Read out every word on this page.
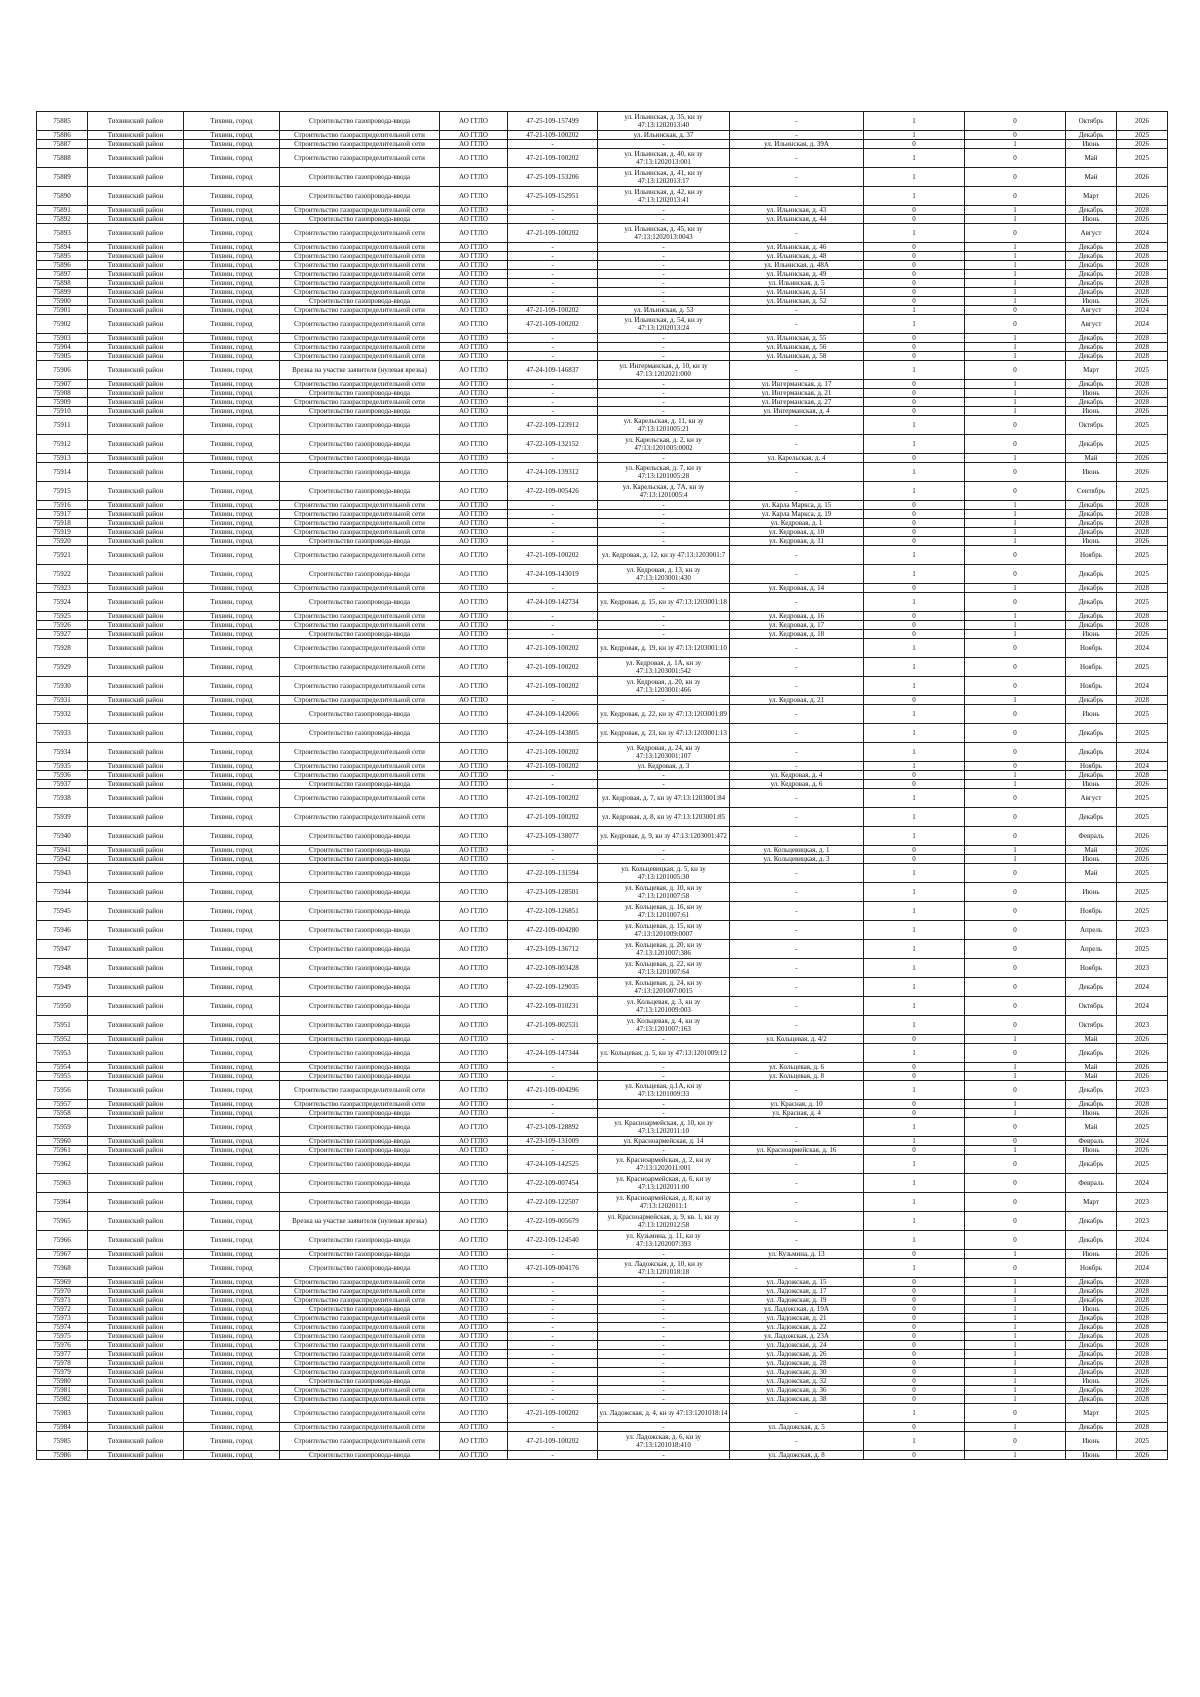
75885	Тихвинский район	Тихвин, город	Строительство газопровода-ввода	АО ГГЛО	47-25-109-157499	ул. Ильинская, д. 35, кн зу 47:13:1202013:40	-	1	0	Октябрь	2026
75886	Тихвинский район	Тихвин, город	Строительство газораспределительной сети	АО ГГЛО	47-21-109-100202	ул. Ильинская, д. 37	-	1	0	Декабрь	2025
75887	Тихвинский район	Тихвин, город	Строительство газораспределительной сети	АО ГГЛО	-	-	ул. Ильинская, д. 39А	0	1	Июнь	2026
75888	Тихвинский район	Тихвин, город	Строительство газораспределительной сети	АО ГГЛО	47-21-109-100202	ул. Ильинская, д. 40, кн зу 47:13:1202013:001	-	1	0	Май	2025
75889	Тихвинский район	Тихвин, город	Строительство газопровода-ввода	АО ГГЛО	47-25-109-153206	ул. Ильинская, д. 41, кн зу 47:13:1202013:17	-	1	0	Май	2026
75890	Тихвинский район	Тихвин, город	Строительство газопровода-ввода	АО ГГЛО	47-25-109-152951	ул. Ильинская, д. 42, кн зу 47:13:1202013:41	-	1	0	Март	2026
75891	Тихвинский район	Тихвин, город	Строительство газораспределительной сети	АО ГГЛО	-	-	ул. Ильинская, д. 43	0	1	Декабрь	2028
75892	Тихвинский район	Тихвин, город	Строительство газопровода-ввода	АО ГГЛО	-	-	ул. Ильинская, д. 44	0	1	Июнь	2026
75893	Тихвинский район	Тихвин, город	Строительство газораспределительной сети	АО ГГЛО	47-21-109-100202	ул. Ильинская, д. 45, кн зу 47:13:1202013:0043	-	1	0	Август	2024
75894	Тихвинский район	Тихвин, город	Строительство газораспределительной сети	АО ГГЛО	-	-	ул. Ильинская, д. 46	0	1	Декабрь	2028
75895	Тихвинский район	Тихвин, город	Строительство газораспределительной сети	АО ГГЛО	-	-	ул. Ильинская, д. 48	0	1	Декабрь	2028
75896	Тихвинский район	Тихвин, город	Строительство газораспределительной сети	АО ГГЛО	-	-	ул. Ильинская, д. 48А	0	1	Декабрь	2028
75897	Тихвинский район	Тихвин, город	Строительство газораспределительной сети	АО ГГЛО	-	-	ул. Ильинская, д. 49	0	1	Декабрь	2028
75898	Тихвинский район	Тихвин, город	Строительство газораспределительной сети	АО ГГЛО	-	-	ул. Ильинская, д. 5	0	1	Декабрь	2028
75899	Тихвинский район	Тихвин, город	Строительство газораспределительной сети	АО ГГЛО	-	-	ул. Ильинская, д. 51	0	1	Декабрь	2028
75900	Тихвинский район	Тихвин, город	Строительство газопровода-ввода	АО ГГЛО	-	-	ул. Ильинская, д. 52	0	1	Июнь	2026
75901	Тихвинский район	Тихвин, город	Строительство газораспределительной сети	АО ГГЛО	47-21-109-100202	ул. Ильинская, д. 53	-	1	0	Август	2024
75902	Тихвинский район	Тихвин, город	Строительство газораспределительной сети	АО ГГЛО	47-21-109-100202	ул. Ильинская, д. 54, кн зу 47:13:1202013:24	-	1	0	Август	2024
75903	Тихвинский район	Тихвин, город	Строительство газораспределительной сети	АО ГГЛО	-	-	ул. Ильинская, д. 55	0	1	Декабрь	2028
75904	Тихвинский район	Тихвин, город	Строительство газораспределительной сети	АО ГГЛО	-	-	ул. Ильинская, д. 56	0	1	Декабрь	2028
75905	Тихвинский район	Тихвин, город	Строительство газораспределительной сети	АО ГГЛО	-	-	ул. Ильинская, д. 58	0	1	Декабрь	2028
75906	Тихвинский район	Тихвин, город	Врезка на участке заявителя (нулевая врезка)	АО ГГЛО	47-24-109-146837	ул. Ингерманская, д. 10, кн зу 47:13:1202021:000	-	1	0	Март	2025
75907	Тихвинский район	Тихвин, город	Строительство газораспределительной сети	АО ГГЛО	-	-	ул. Ингерманская, д. 17	0	1	Декабрь	2028
75908	Тихвинский район	Тихвин, город	Строительство газопровода-ввода	АО ГГЛО	-	-	ул. Ингерманская, д. 21	0	1	Июнь	2026
75909	Тихвинский район	Тихвин, город	Строительство газораспределительной сети	АО ГГЛО	-	-	ул. Ингерманская, д. 27	0	1	Декабрь	2028
75910	Тихвинский район	Тихвин, город	Строительство газопровода-ввода	АО ГГЛО	-	-	ул. Ингерманская, д. 4	0	1	Июнь	2026
75911	Тихвинский район	Тихвин, город	Строительство газопровода-ввода	АО ГГЛО	47-22-109-123912	ул. Карельская, д. 11, кн зу 47:13:1201005:21	-	1	0	Октябрь	2025
75912	Тихвинский район	Тихвин, город	Строительство газопровода-ввода	АО ГГЛО	47-22-109-132152	ул. Карельская, д. 2, кн зу 47:13:1201005:0002	-	1	0	Декабрь	2025
75913	Тихвинский район	Тихвин, город	Строительство газопровода-ввода	АО ГГЛО	-	-	ул. Карельская, д. 4	0	1	Май	2026
75914	Тихвинский район	Тихвин, город	Строительство газопровода-ввода	АО ГГЛО	47-24-109-139312	ул. Карельская, д. 7, кн зу 47:13:1201005:28	-	1	0	Июнь	2026
75915	Тихвинский район	Тихвин, город	Строительство газопровода-ввода	АО ГГЛО	47-22-109-005426	ул. Карельская, д. 7А, кн зу 47:13:1201005:4	-	1	0	Сентябрь	2025
75916	Тихвинский район	Тихвин, город	Строительство газораспределительной сети	АО ГГЛО	-	-	ул. Карла Маркса, д. 15	0	1	Декабрь	2028
75917	Тихвинский район	Тихвин, город	Строительство газораспределительной сети	АО ГГЛО	-	-	ул. Карла Маркса, д. 19	0	1	Декабрь	2028
75918	Тихвинский район	Тихвин, город	Строительство газораспределительной сети	АО ГГЛО	-	-	ул. Кедровая, д. 1	0	1	Декабрь	2028
75919	Тихвинский район	Тихвин, город	Строительство газораспределительной сети	АО ГГЛО	-	-	ул. Кедровая, д. 10	0	1	Декабрь	2028
75920	Тихвинский район	Тихвин, город	Строительство газопровода-ввода	АО ГГЛО	-	-	ул. Кедровая, д. 11	0	1	Июнь	2026
75921	Тихвинский район	Тихвин, город	Строительство газораспределительной сети	АО ГГЛО	47-21-109-100202	ул. Кедровая, д. 12, кн зу 47:13:1203001:7	-	1	0	Ноябрь	2025
75922	Тихвинский район	Тихвин, город	Строительство газопровода-ввода	АО ГГЛО	47-24-109-143019	ул. Кедровая, д. 13, кн зу 47:13:1203001:430	-	1	0	Декабрь	2025
75923	Тихвинский район	Тихвин, город	Строительство газораспределительной сети	АО ГГЛО	-	-	ул. Кедровая, д. 14	0	1	Декабрь	2028
75924	Тихвинский район	Тихвин, город	Строительство газопровода-ввода	АО ГГЛО	47-24-109-142734	ул. Кедровая, д. 15, кн зу 47:13:1203001:18	-	1	0	Декабрь	2025
75925	Тихвинский район	Тихвин, город	Строительство газораспределительной сети	АО ГГЛО	-	-	ул. Кедровая, д. 16	0	1	Декабрь	2028
75926	Тихвинский район	Тихвин, город	Строительство газораспределительной сети	АО ГГЛО	-	-	ул. Кедровая, д. 17	0	1	Декабрь	2028
75927	Тихвинский район	Тихвин, город	Строительство газопровода-ввода	АО ГГЛО	-	-	ул. Кедровая, д. 18	0	1	Июнь	2026
75928	Тихвинский район	Тихвин, город	Строительство газораспределительной сети	АО ГГЛО	47-21-109-100202	ул. Кедровая, д. 19, кн зу 47:13:1203001:10	-	1	0	Ноябрь	2024
75929	Тихвинский район	Тихвин, город	Строительство газораспределительной сети	АО ГГЛО	47-21-109-100202	ул. Кедровая, д. 1А, кн зу 47:13:1203001:542	-	1	0	Ноябрь	2025
75930	Тихвинский район	Тихвин, город	Строительство газораспределительной сети	АО ГГЛО	47-21-109-100202	ул. Кедровая, д. 20, кн зу 47:13:1203001:466	-	1	0	Ноябрь	2024
75931	Тихвинский район	Тихвин, город	Строительство газораспределительной сети	АО ГГЛО	-	-	ул. Кедровая, д. 21	0	1	Декабрь	2028
75932	Тихвинский район	Тихвин, город	Строительство газопровода-ввода	АО ГГЛО	47-24-109-142066	ул. Кедровая, д. 22, кн зу 47:13:1203001:89	-	1	0	Июнь	2025
75933	Тихвинский район	Тихвин, город	Строительство газопровода-ввода	АО ГГЛО	47-24-109-143805	ул. Кедровая, д. 23, кн зу 47:13:1203001:13	-	1	0	Декабрь	2025
75934	Тихвинский район	Тихвин, город	Строительство газораспределительной сети	АО ГГЛО	47-21-109-100202	ул. Кедровая, д. 24, кн зу 47:13:1203001:107	-	1	0	Декабрь	2024
75935	Тихвинский район	Тихвин, город	Строительство газораспределительной сети	АО ГГЛО	47-21-109-100202	ул. Кедровая, д. 3	-	1	0	Ноябрь	2024
75936	Тихвинский район	Тихвин, город	Строительство газораспределительной сети	АО ГГЛО	-	-	ул. Кедровая, д. 4	0	1	Декабрь	2028
75937	Тихвинский район	Тихвин, город	Строительство газопровода-ввода	АО ГГЛО	-	-	ул. Кедровая, д. 6	0	1	Июнь	2026
75938	Тихвинский район	Тихвин, город	Строительство газораспределительной сети	АО ГГЛО	47-21-109-100202	ул. Кедровая, д. 7, кн зу 47:13:1203001:84	-	1	0	Август	2025
75939	Тихвинский район	Тихвин, город	Строительство газораспределительной сети	АО ГГЛО	47-21-109-100202	ул. Кедровая, д. 8, кн зу 47:13:1203001:85	-	1	0	Декабрь	2025
75940	Тихвинский район	Тихвин, город	Строительство газопровода-ввода	АО ГГЛО	47-23-109-138077	ул. Кедровая, д. 9, кн зу 47:13:1203001:472	-	1	0	Февраль	2026
75941	Тихвинский район	Тихвин, город	Строительство газопровода-ввода	АО ГГЛО	-	-	ул. Кольцевицкая, д. 1	0	1	Май	2026
75942	Тихвинский район	Тихвин, город	Строительство газопровода-ввода	АО ГГЛО	-	-	ул. Кольцевицкая, д. 3	0	1	Июнь	2026
75943	Тихвинский район	Тихвин, город	Строительство газопровода-ввода	АО ГГЛО	47-22-109-131594	ул. Кольцевицкая, д. 5, кн зу 47:13:1201005:30	-	1	0	Май	2025
75944	Тихвинский район	Тихвин, город	Строительство газопровода-ввода	АО ГГЛО	47-23-109-128501	ул. Кольцевая, д. 10, кн зу 47:13:1201007:58	-	1	0	Июнь	2025
75945	Тихвинский район	Тихвин, город	Строительство газопровода-ввода	АО ГГЛО	47-22-109-126851	ул. Кольцевая, д. 16, кн зу 47:13:1201007:61	-	1	0	Ноябрь	2025
75946	Тихвинский район	Тихвин, город	Строительство газопровода-ввода	АО ГГЛО	47-22-109-004280	ул. Кольцевая, д. 15, кн зу 47:13:1201009:0007	-	1	0	Апрель	2023
75947	Тихвинский район	Тихвин, город	Строительство газопровода-ввода	АО ГГЛО	47-23-109-136712	ул. Кольцевая, д. 20, кн зу 47:13:1201007:386	-	1	0	Апрель	2025
75948	Тихвинский район	Тихвин, город	Строительство газопровода-ввода	АО ГГЛО	47-22-109-003428	ул. Кольцевая, д. 22, кн зу 47:13:1201007:64	-	1	0	Ноябрь	2023
75949	Тихвинский район	Тихвин, город	Строительство газопровода-ввода	АО ГГЛО	47-22-109-129035	ул. Кольцевая, д. 24, кн зу 47:13:1201007:0015	-	1	0	Декабрь	2024
75950	Тихвинский район	Тихвин, город	Строительство газопровода-ввода	АО ГГЛО	47-22-109-010231	ул. Кольцевая, д. 3, кн зу 47:13:1201009:003	-	1	0	Октябрь	2024
75951	Тихвинский район	Тихвин, город	Строительство газопровода-ввода	АО ГГЛО	47-21-109-002531	ул. Кольцевая, д. 4, кн зу 47:13:1201007:163	-	1	0	Октябрь	2023
75952	Тихвинский район	Тихвин, город	Строительство газопровода-ввода	АО ГГЛО	-	-	ул. Кольцевая, д. 4/2	0	1	Май	2026
75953	Тихвинский район	Тихвин, город	Строительство газопровода-ввода	АО ГГЛО	47-24-109-147344	ул. Кольцевая, д. 5, кн зу 47:13:1201009:12	-	1	0	Декабрь	2026
75954	Тихвинский район	Тихвин, город	Строительство газопровода-ввода	АО ГГЛО	-	-	ул. Кольцевая, д. 6	0	1	Май	2026
75955	Тихвинский район	Тихвин, город	Строительство газопровода-ввода	АО ГГЛО	-	-	ул. Кольцевая, д. 8	0	1	Май	2026
75956	Тихвинский район	Тихвин, город	Строительство газораспределительной сети	АО ГГЛО	47-21-109-004296	ул. Кольцевая, д.1А, кн зу 47:13:1201009:33	-	1	0	Декабрь	2023
75957	Тихвинский район	Тихвин, город	Строительство газораспределительной сети	АО ГГЛО	-	-	ул. Красная, д. 10	0	1	Декабрь	2028
75958	Тихвинский район	Тихвин, город	Строительство газопровода-ввода	АО ГГЛО	-	-	ул. Красная, д. 4	0	1	Июнь	2026
75959	Тихвинский район	Тихвин, город	Строительство газопровода-ввода	АО ГГЛО	47-23-109-128892	ул. Красноармейская, д. 10, кн зу 47:13:1202011:10	-	1	0	Май	2025
75960	Тихвинский район	Тихвин, город	Строительство газопровода-ввода	АО ГГЛО	47-23-109-131009	ул. Красноармейская, д. 14	-	1	0	Февраль	2024
75961	Тихвинский район	Тихвин, город	Строительство газопровода-ввода	АО ГГЛО	-	-	ул. Красноармейская, д. 16	0	1	Июнь	2026
75962	Тихвинский район	Тихвин, город	Строительство газопровода-ввода	АО ГГЛО	47-24-109-142525	ул. Красноармейская, д. 2, кн зу 47:13:1202011:001	-	1	0	Декабрь	2025
75963	Тихвинский район	Тихвин, город	Строительство газопровода-ввода	АО ГГЛО	47-22-109-007454	ул. Красноармейская, д. 6, кн зу 47:13:1202011:00	-	1	0	Февраль	2024
75964	Тихвинский район	Тихвин, город	Строительство газопровода-ввода	АО ГГЛО	47-22-109-122507	ул. Красноармейская, д. 8, кн зу 47:13:1202011:1	-	1	0	Март	2023
75965	Тихвинский район	Тихвин, город	Врезка на участке заявителя (нулевая врезка)	АО ГГЛО	47-22-109-005679	ул. Красноармейская, д. 9, кв. 1, кн зу 47:13:1202012:58	-	1	0	Декабрь	2023
75966	Тихвинский район	Тихвин, город	Строительство газопровода-ввода	АО ГГЛО	47-22-109-124540	ул. Кузьмина, д. 11, кн зу 47:13:1202007:393	-	1	0	Декабрь	2024
75967	Тихвинский район	Тихвин, город	Строительство газопровода-ввода	АО ГГЛО	-	-	ул. Кузьмина, д. 13	0	1	Июнь	2026
75968	Тихвинский район	Тихвин, город	Строительство газопровода-ввода	АО ГГЛО	47-21-109-004176	ул. Ладожская, д. 10, кн зу 47:13:1201018:18	-	1	0	Ноябрь	2024
75969	Тихвинский район	Тихвин, город	Строительство газораспределительной сети	АО ГГЛО	-	-	ул. Ладожская, д. 15	0	1	Декабрь	2028
75970	Тихвинский район	Тихвин, город	Строительство газораспределительной сети	АО ГГЛО	-	-	ул. Ладожская, д. 17	0	1	Декабрь	2028
75971	Тихвинский район	Тихвин, город	Строительство газораспределительной сети	АО ГГЛО	-	-	ул. Ладожская, д. 19	0	1	Декабрь	2028
75972	Тихвинский район	Тихвин, город	Строительство газопровода-ввода	АО ГГЛО	-	-	ул. Ладожская, д. 19А	0	1	Июнь	2026
75973	Тихвинский район	Тихвин, город	Строительство газораспределительной сети	АО ГГЛО	-	-	ул. Ладожская, д. 21	0	1	Декабрь	2028
75974	Тихвинский район	Тихвин, город	Строительство газораспределительной сети	АО ГГЛО	-	-	ул. Ладожская, д. 22	0	1	Декабрь	2028
75975	Тихвинский район	Тихвин, город	Строительство газораспределительной сети	АО ГГЛО	-	-	ул. Ладожская, д. 23А	0	1	Декабрь	2028
75976	Тихвинский район	Тихвин, город	Строительство газораспределительной сети	АО ГГЛО	-	-	ул. Ладожская, д. 24	0	1	Декабрь	2028
75977	Тихвинский район	Тихвин, город	Строительство газораспределительной сети	АО ГГЛО	-	-	ул. Ладожская, д. 26	0	1	Декабрь	2028
75978	Тихвинский район	Тихвин, город	Строительство газораспределительной сети	АО ГГЛО	-	-	ул. Ладожская, д. 28	0	1	Декабрь	2028
75979	Тихвинский район	Тихвин, город	Строительство газораспределительной сети	АО ГГЛО	-	-	ул. Ладожская, д. 30	0	1	Декабрь	2028
75980	Тихвинский район	Тихвин, город	Строительство газопровода-ввода	АО ГГЛО	-	-	ул. Ладожская, д. 32	0	1	Июнь	2026
75981	Тихвинский район	Тихвин, город	Строительство газораспределительной сети	АО ГГЛО	-	-	ул. Ладожская, д. 36	0	1	Декабрь	2028
75982	Тихвинский район	Тихвин, город	Строительство газораспределительной сети	АО ГГЛО	-	-	ул. Ладожская, д. 38	0	1	Декабрь	2028
75983	Тихвинский район	Тихвин, город	Строительство газораспределительной сети	АО ГГЛО	47-21-109-100202	ул. Ладожская, д. 4, кн зу 47:13:1201018:14	-	1	0	Март	2025
75984	Тихвинский район	Тихвин, город	Строительство газораспределительной сети	АО ГГЛО	-	-	ул. Ладожская, д. 5	0	1	Декабрь	2028
75985	Тихвинский район	Тихвин, город	Строительство газораспределительной сети	АО ГГЛО	47-21-109-100202	ул. Ладожская, д. 6, кн зу 47:13:1201018:410	-	1	0	Июнь	2025
75986	Тихвинский район	Тихвин, город	Строительство газопровода-ввода	АО ГГЛО	-	-	ул. Ладожская, д. 8	0	1	Июнь	2026
